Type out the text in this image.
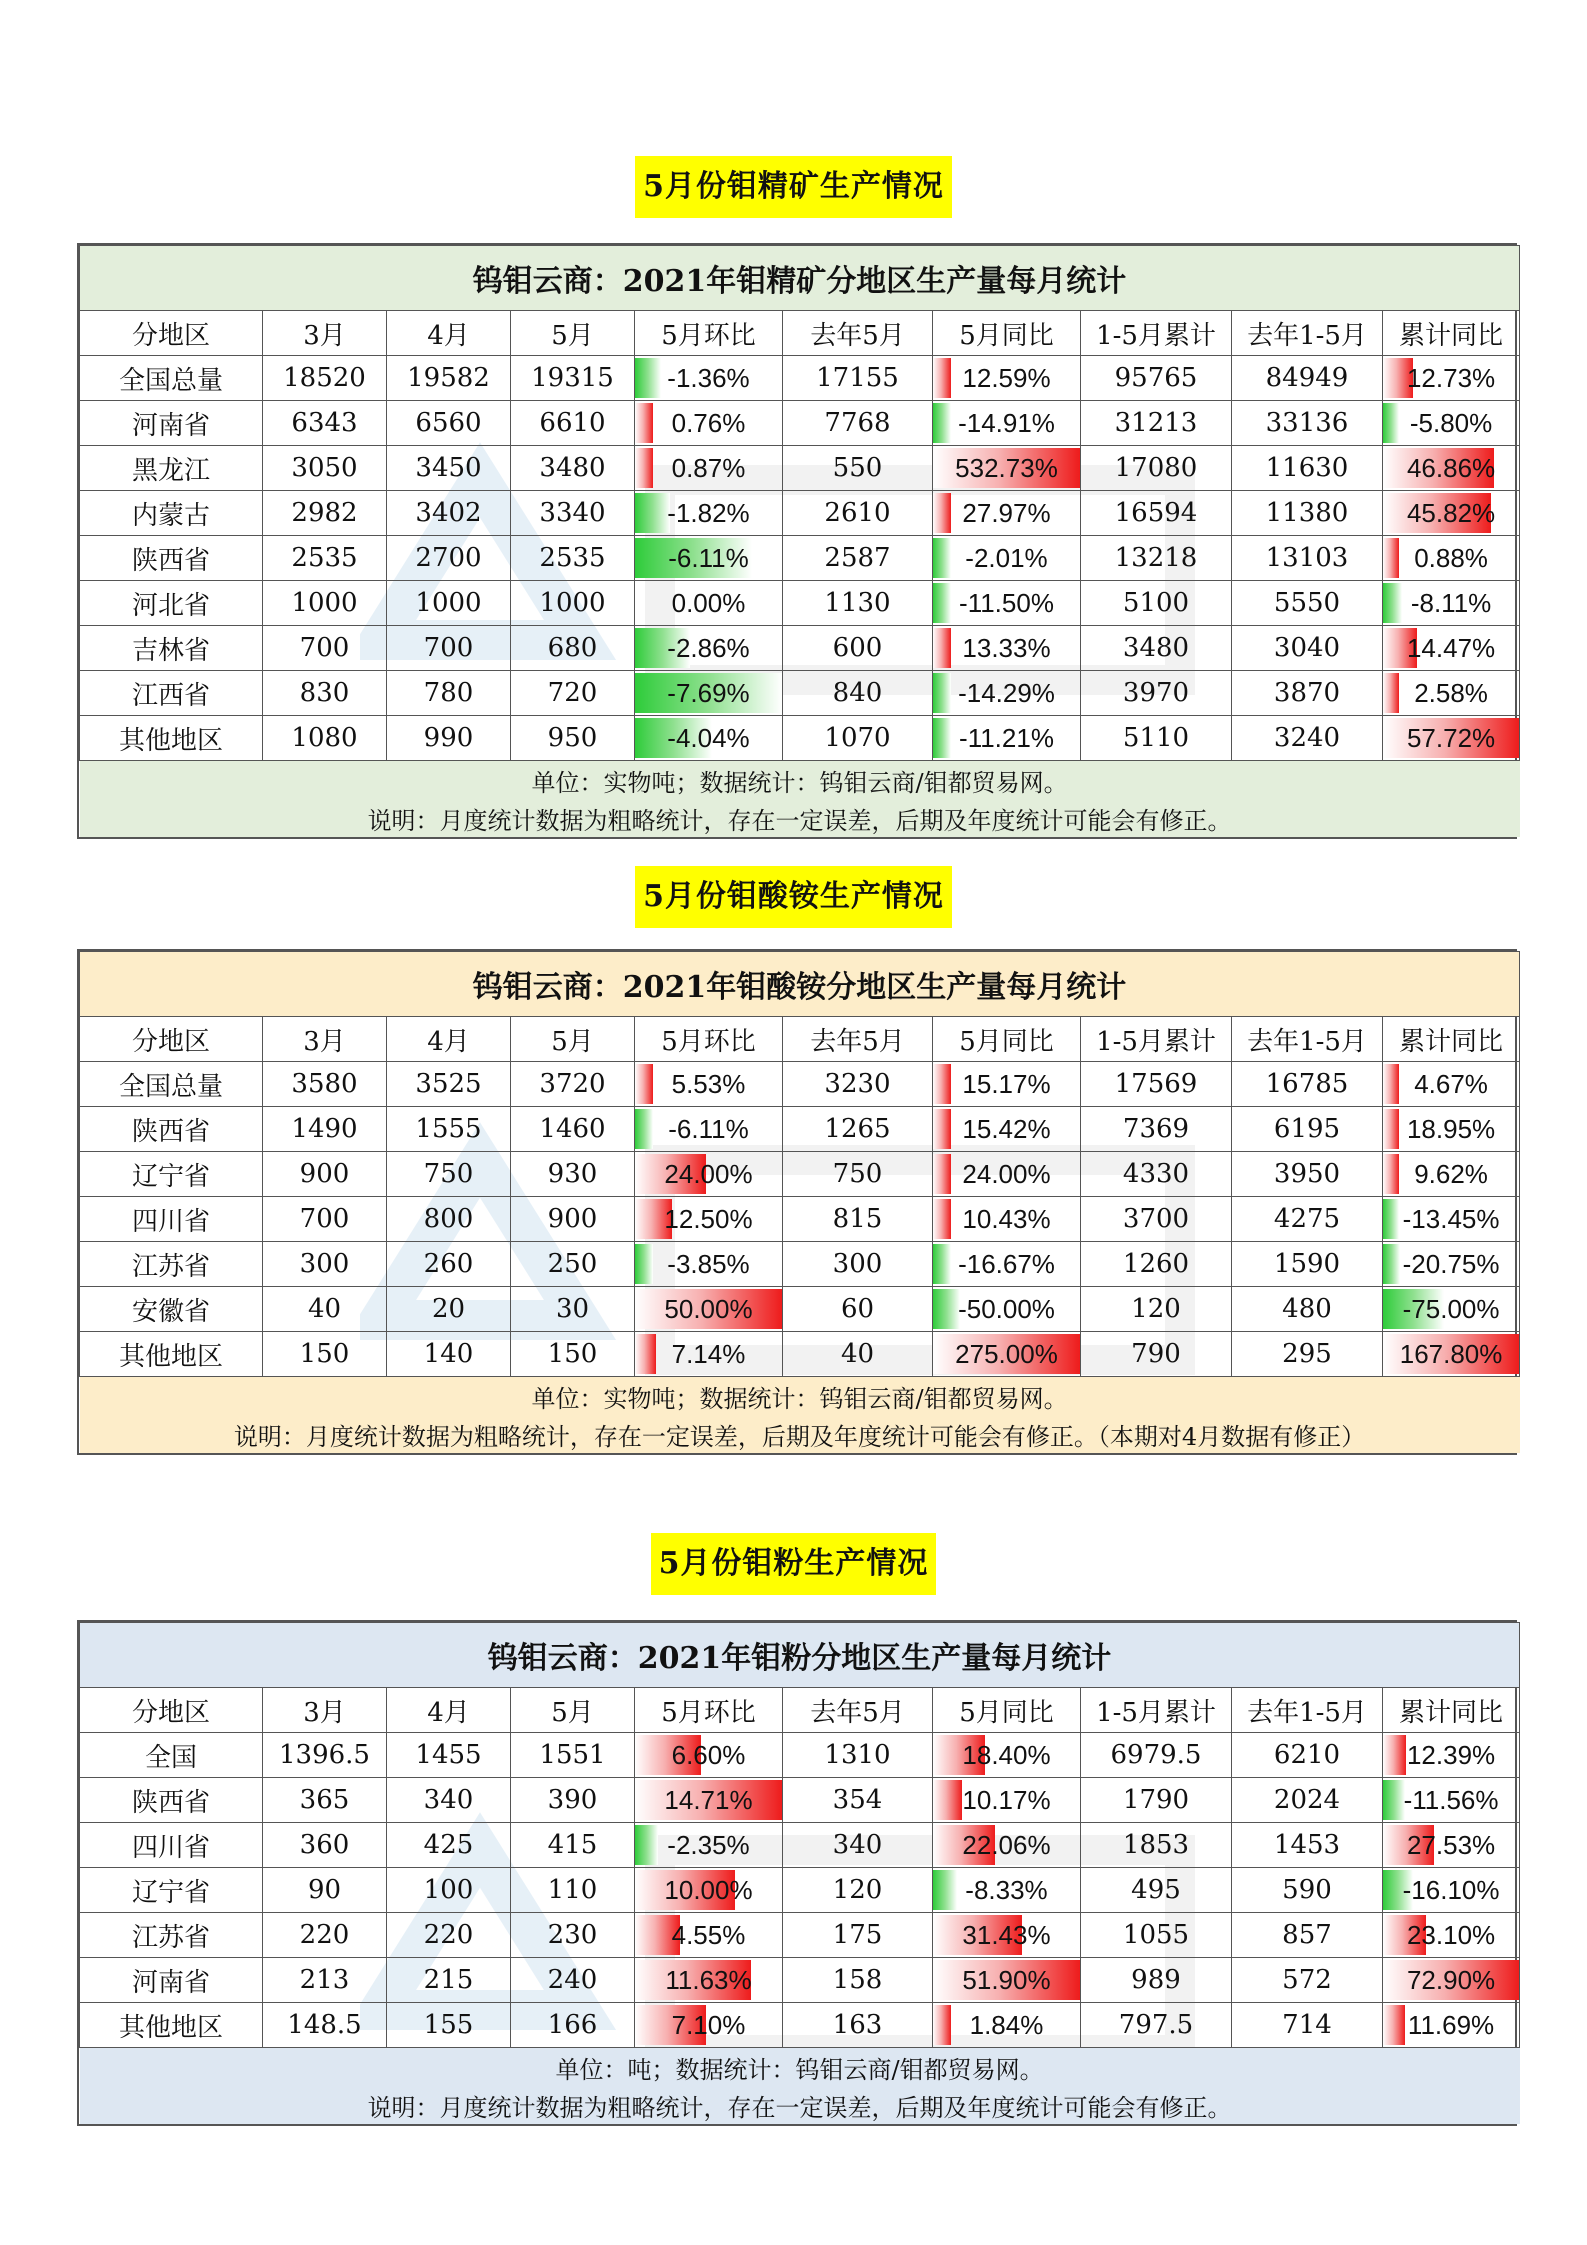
5月份钼精矿生产情况
钨钼云商：2021年钼精矿分地区生产量每月统计									
分地区	3月	4月	5月	5月环比	去年5月	5月同比	1-5月累计	去年1-5月	累计同比
全国总量	18520	19582	19315	-1.36%	17155	12.59%	95765	84949	12.73%

河南省	6343	6560	6610	0.76%	7768	-14.91%	31213	33136	-5.80%

黑龙江	3050	3450	3480	0.87%	550	532.73%	17080	11630	46.86%

内蒙古	2982	3402	3340	-1.82%	2610	27.97%	16594	11380	45.82%

陕西省	2535	2700	2535	-6.11%	2587	-2.01%	13218	13103	0.88%

河北省	1000	1000	1000	0.00%	1130	-11.50%	5100	5550	-8.11%

吉林省	700	700	680	-2.86%	600	13.33%	3480	3040	14.47%

江西省	830	780	720	-7.69%	840	-14.29%	3970	3870	2.58%

其他地区	1080	990	950	-4.04%	1070	-11.21%	5110	3240	57.72%

单位：实物吨；数据统计：钨钼云商/钼都贸易网。									
说明：月度统计数据为粗略统计，存在一定误差，后期及年度统计可能会有修正。									
5月份钼酸铵生产情况
钨钼云商：2021年钼酸铵分地区生产量每月统计									
分地区	3月	4月	5月	5月环比	去年5月	5月同比	1-5月累计	去年1-5月	累计同比
全国总量	3580	3525	3720	5.53%	3230	15.17%	17569	16785	4.67%

陕西省	1490	1555	1460	-6.11%	1265	15.42%	7369	6195	18.95%

辽宁省	900	750	930	24.00%	750	24.00%	4330	3950	9.62%

四川省	700	800	900	12.50%	815	10.43%	3700	4275	-13.45%

江苏省	300	260	250	-3.85%	300	-16.67%	1260	1590	-20.75%

安徽省	40	20	30	50.00%	60	-50.00%	120	480	-75.00%

其他地区	150	140	150	7.14%	40	275.00%	790	295	167.80%

单位：实物吨；数据统计：钨钼云商/钼都贸易网。									
说明：月度统计数据为粗略统计，存在一定误差，后期及年度统计可能会有修正。（本期对4月数据有修正）									
5月份钼粉生产情况
钨钼云商：2021年钼粉分地区生产量每月统计									
分地区	3月	4月	5月	5月环比	去年5月	5月同比	1-5月累计	去年1-5月	累计同比
全国	1396.5	1455	1551	6.60%	1310	18.40%	6979.5	6210	12.39%

陕西省	365	340	390	14.71%	354	10.17%	1790	2024	-11.56%

四川省	360	425	415	-2.35%	340	22.06%	1853	1453	27.53%

辽宁省	90	100	110	10.00%	120	-8.33%	495	590	-16.10%

江苏省	220	220	230	4.55%	175	31.43%	1055	857	23.10%

河南省	213	215	240	11.63%	158	51.90%	989	572	72.90%

其他地区	148.5	155	166	7.10%	163	1.84%	797.5	714	11.69%

单位：吨；数据统计：钨钼云商/钼都贸易网。									
说明：月度统计数据为粗略统计，存在一定误差，后期及年度统计可能会有修正。									
